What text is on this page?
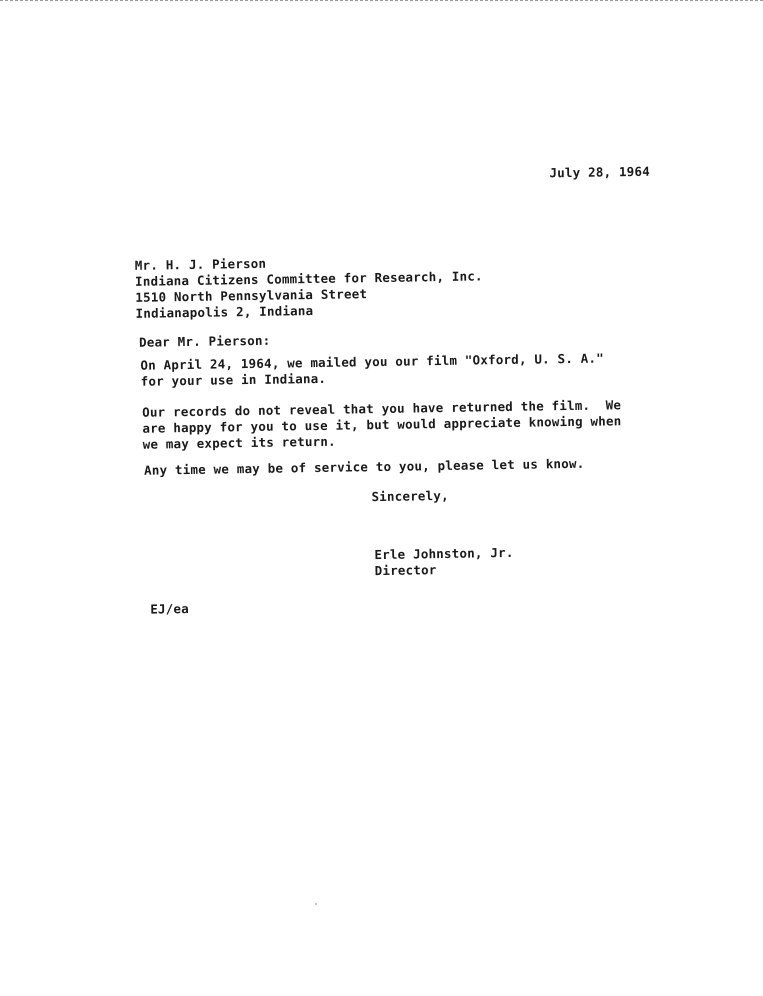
July 28, 1964
Mr. H. J. Pierson
Indiana Citizens Committee for Research, Inc.
1510 North Pennsylvania Street
Indianapolis 2, Indiana
Dear Mr. Pierson:
On April 24, 1964, we mailed you our film "Oxford, U. S. A."
for your use in Indiana.
Our records do not reveal that you have returned the film.  We
are happy for you to use it, but would appreciate knowing when
we may expect its return.
Any time we may be of service to you, please let us know.
Sincerely,
Erle Johnston, Jr.
Director
EJ/ea
